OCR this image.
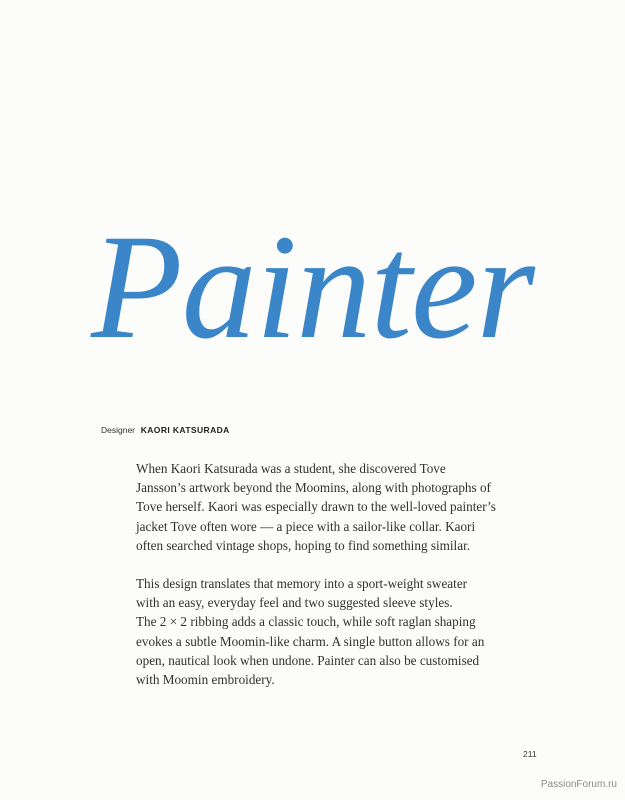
Painter
Designer KAORI KATSURADA

When Kaori Katsurada was a student, she discovered Tove
Jansson’s artwork beyond the Moomins, along with photographs of
Tove herself. Kaori was especially drawn to the well-loved painter’s
jacket Tove often wore — a piece with a sailor-like collar. Kaori
often searched vintage shops, hoping to find something similar.

This design translates that memory into a sport-weight sweater
with an easy, everyday feel and two suggested sleeve styles.
The 2 × 2 ribbing adds a classic touch, while soft raglan shaping
evokes a subtle Moomin-like charm. A single button allows for an
open, nautical look when undone. Painter can also be customised
with Moomin embroidery.

211
PassionForum.ru
